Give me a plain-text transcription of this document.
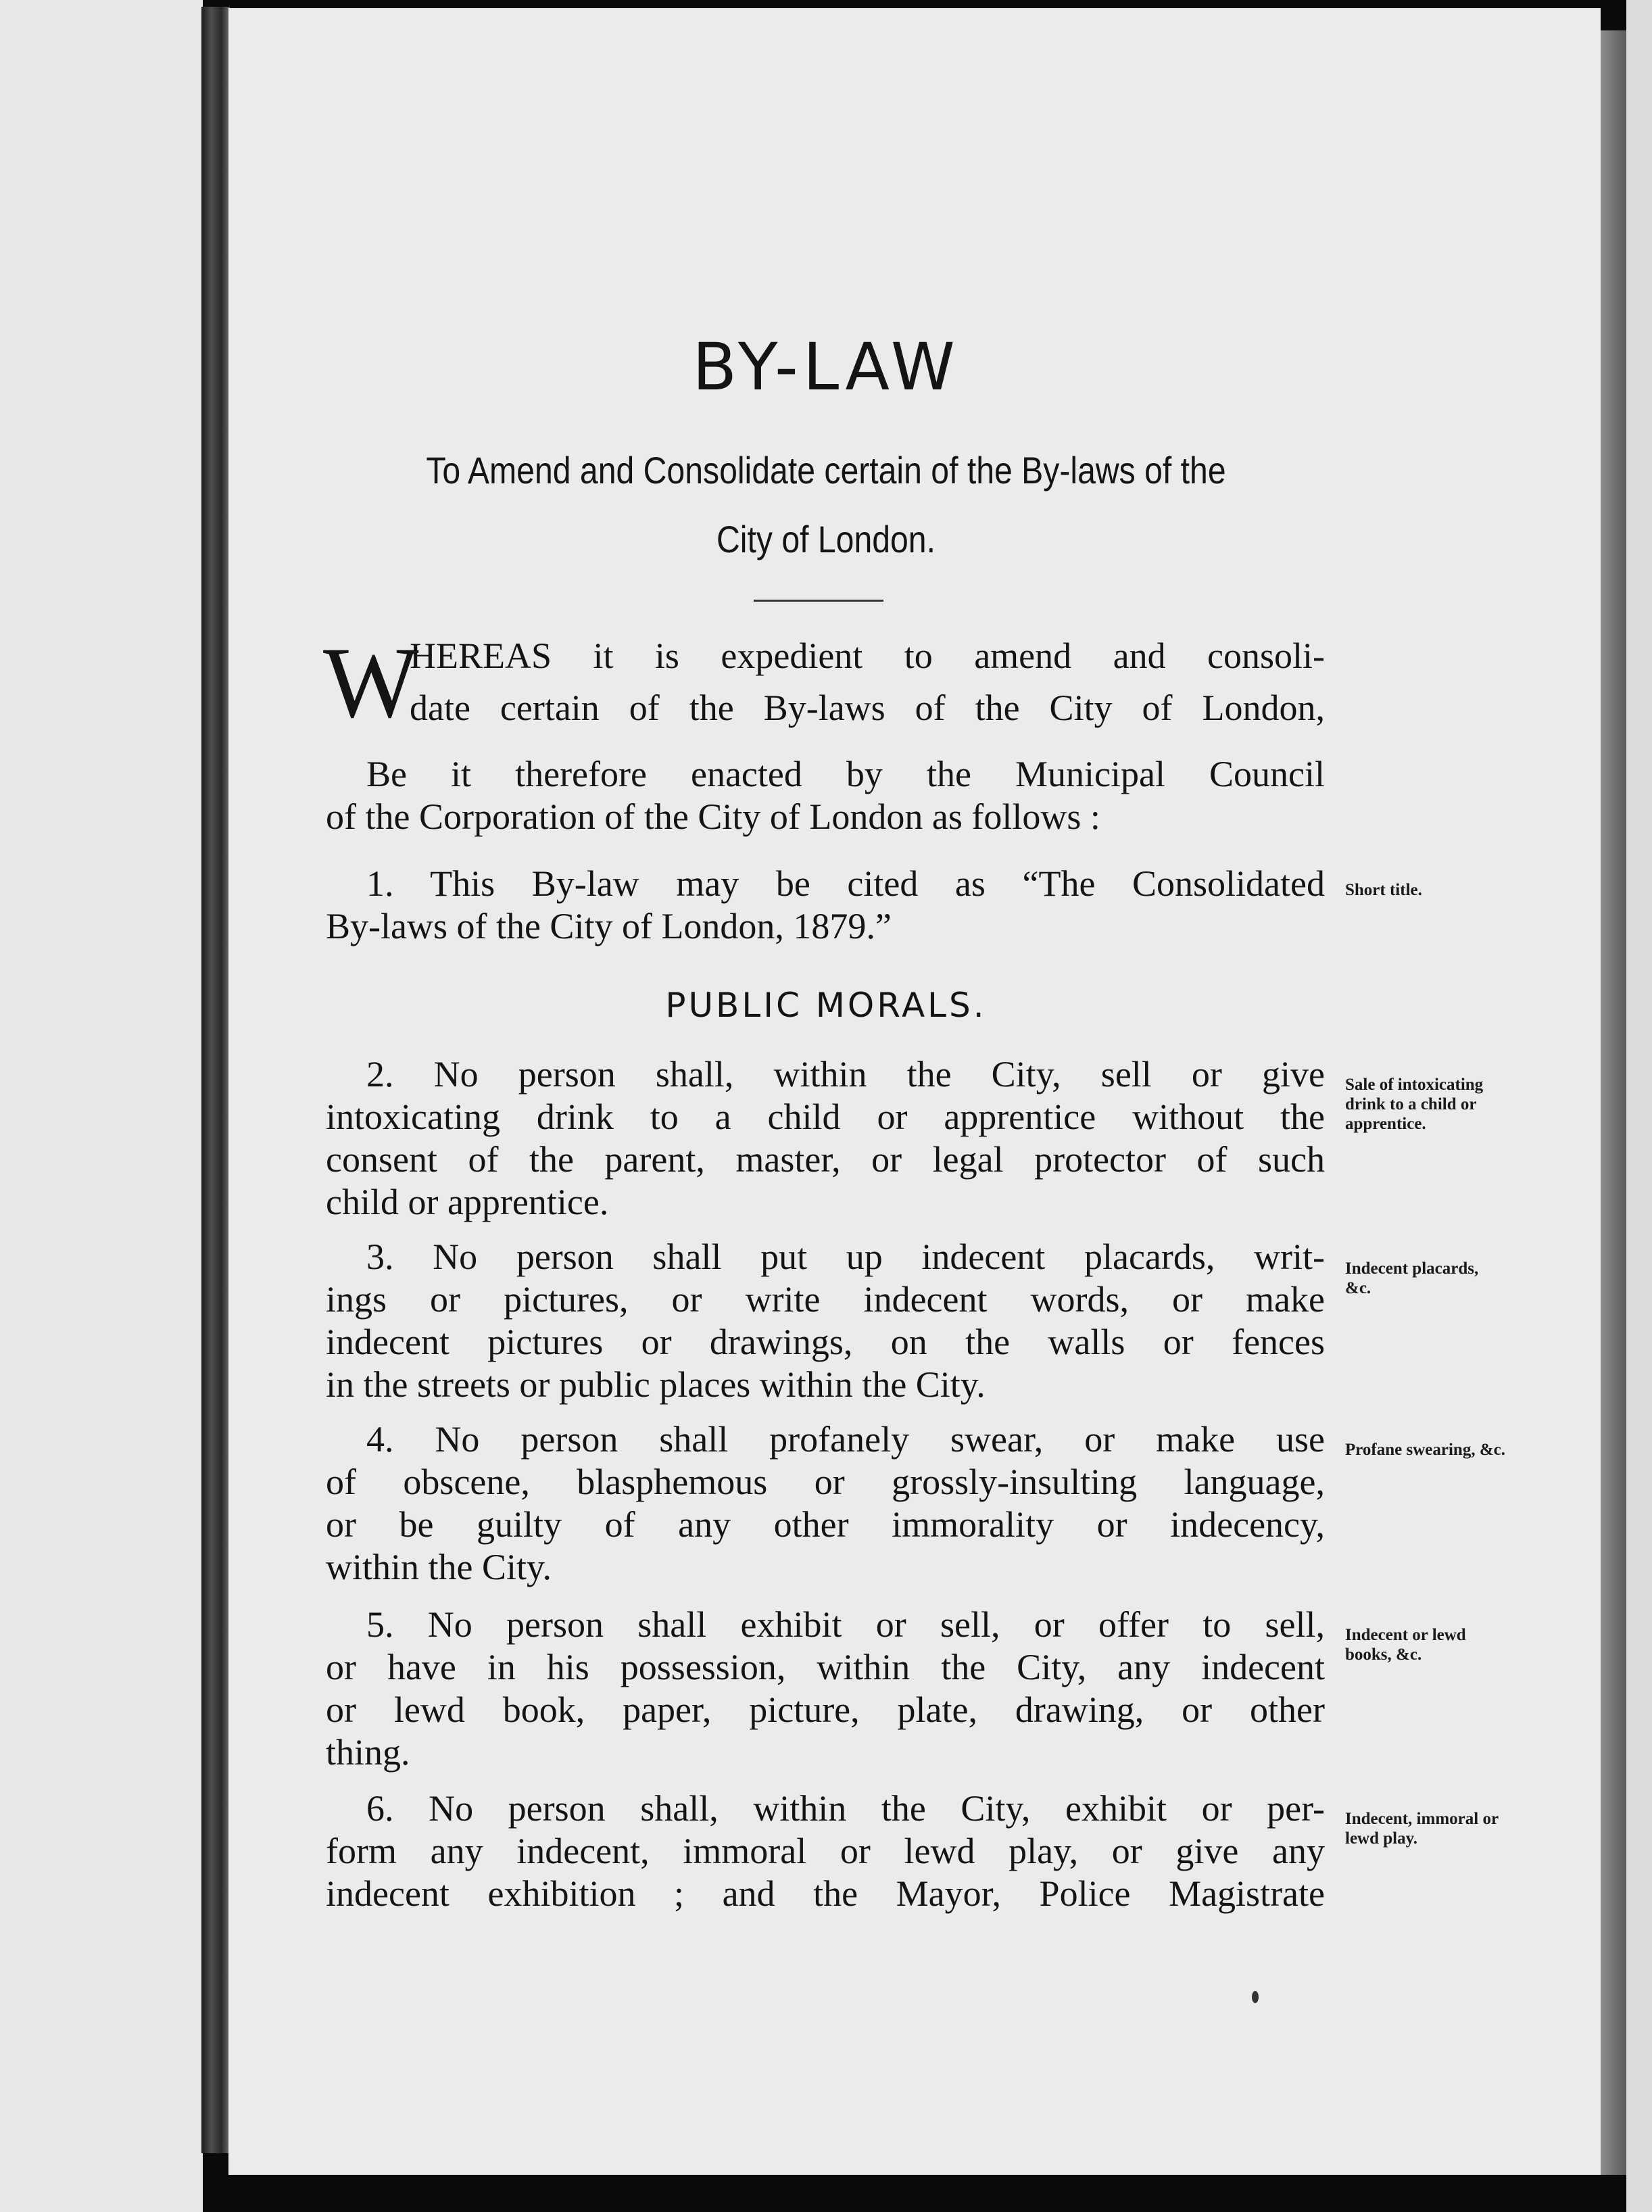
BY-LAW
To Amend and Consolidate certain of the By-laws of the
City of London.
W
HEREAS it is expedient to amend and consoli-
date certain of the By-laws of the City of London,
Be it therefore enacted by the Municipal Council
of the Corporation of the City of London as follows :
1. This By-law may be cited as “The Consolidated
By-laws of the City of London, 1879.”
Short title.
PUBLIC MORALS.
2. No person shall, within the City, sell or give
intoxicating drink to a child or apprentice without the
consent of the parent, master, or legal protector of such
child or apprentice.
Sale of intoxicating drink to a child or apprentice.
3. No person shall put up indecent placards, writ-
ings or pictures, or write indecent words, or make
indecent pictures or drawings, on the walls or fences
in the streets or public places within the City.
Indecent placards, &c.
4. No person shall profanely swear, or make use
of obscene, blasphemous or grossly-insulting language,
or be guilty of any other immorality or indecency,
within the City.
Profane swearing, &c.
5. No person shall exhibit or sell, or offer to sell,
or have in his possession, within the City, any indecent
or lewd book, paper, picture, plate, drawing, or other
thing.
Indecent or lewd books, &c.
6. No person shall, within the City, exhibit or per-
form any indecent, immoral or lewd play, or give any
indecent exhibition ; and the Mayor, Police Magistrate
Indecent, immoral or lewd play.
